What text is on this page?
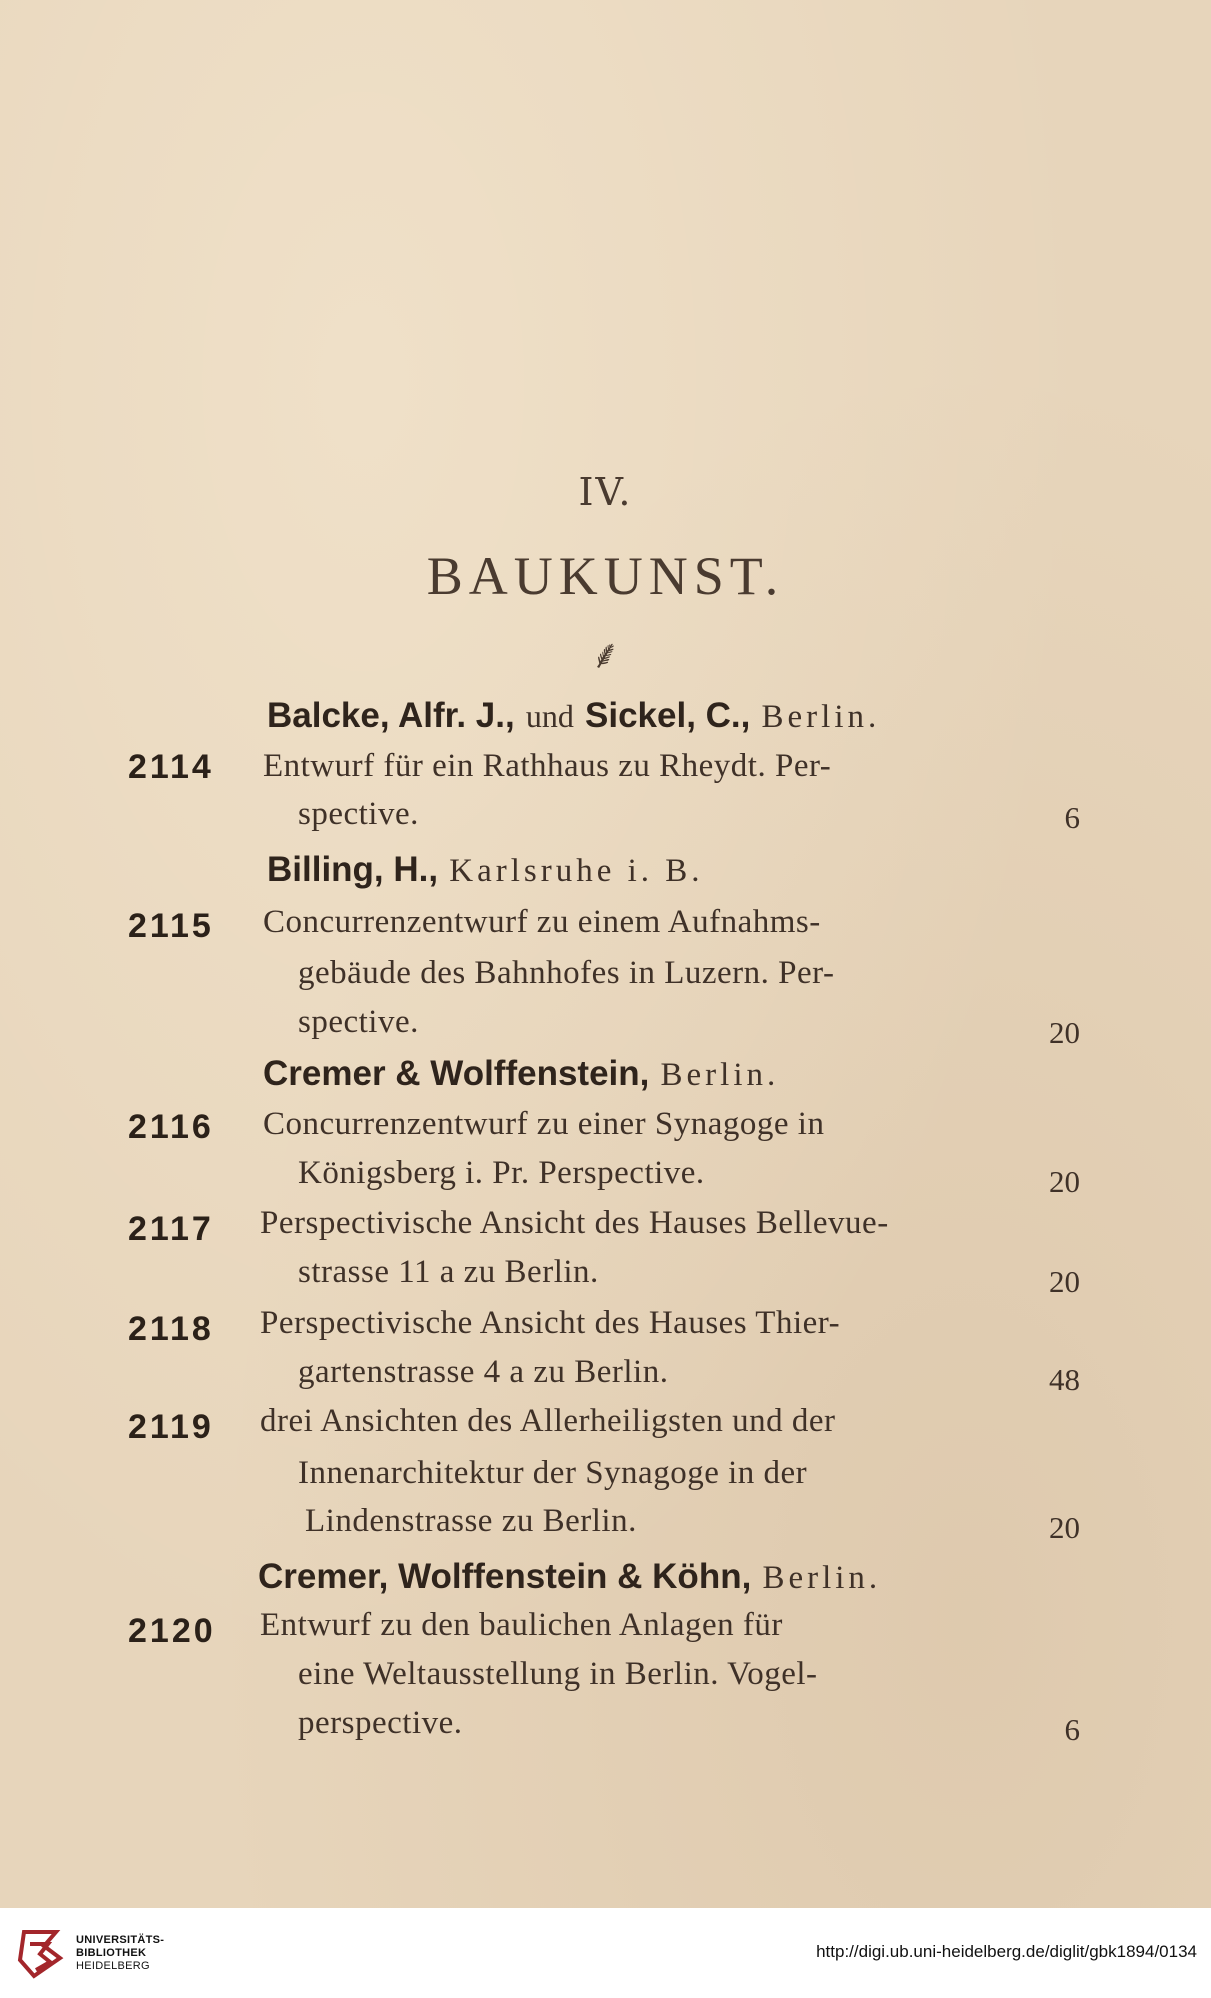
IV.
BAUKUNST.
⸙
Balcke, Alfr. J., und Sickel, C., Berlin.
2114 Entwurf für ein Rathhaus zu Rheydt. Per-
spective.	6
Billing, H., Karlsruhe i. B.
2115 Concurrenzentwurf zu einem Aufnahms-
gebäude des Bahnhofes in Luzern. Per-
spective.	20
Cremer & Wolffenstein, Berlin.
2116 Concurrenzentwurf zu einer Synagoge in
Königsberg i. Pr. Perspective.	20
2117 Perspectivische Ansicht des Hauses Bellevue-
strasse 11 a zu Berlin.	20
2118 Perspectivische Ansicht des Hauses Thier-
gartenstrasse 4 a zu Berlin.	48
2119 drei Ansichten des Allerheiligsten und der
Innenarchitektur der Synagoge in der
Lindenstrasse zu Berlin.	20
Cremer, Wolffenstein & Köhn, Berlin.
2120 Entwurf zu den baulichen Anlagen für
eine Weltausstellung in Berlin. Vogel-
perspective.	6
UNIVERSITÄTS-
BIBLIOTHEK
HEIDELBERG
http://digi.ub.uni-heidelberg.de/diglit/gbk1894/0134
